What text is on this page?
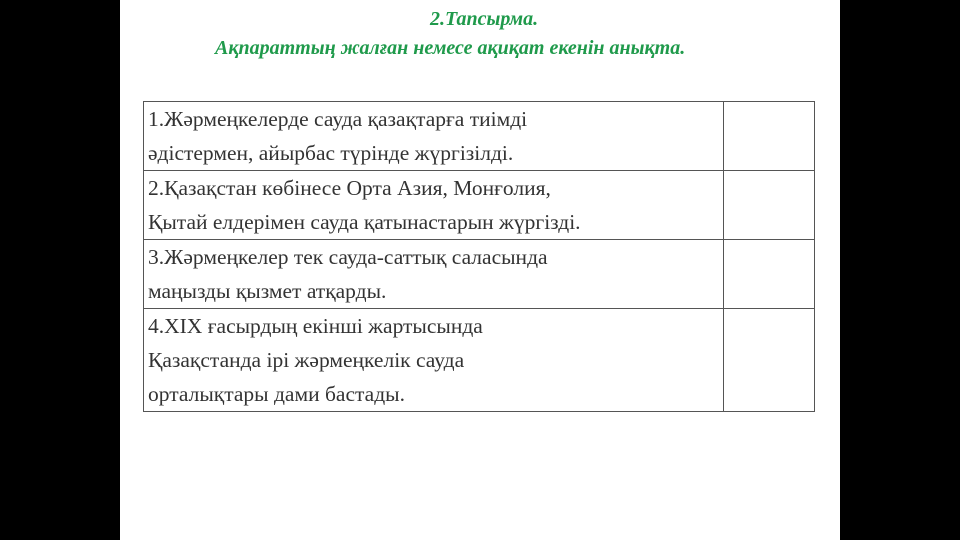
2.Тапсырма.

Ақпараттың жалған немесе ақиқат екенін анықта.

1.Жәрмеңкелерде сауда қазақтарға тиімді
әдістермен, айырбас түрінде жүргізілді.	

2.Қазақстан көбінесе Орта Азия, Монғолия,
Қытай елдерімен сауда қатынастарын жүргізді.	

3.Жәрмеңкелер тек сауда-саттық саласында
маңызды қызмет атқарды.	

4.XIX ғасырдың екінші жартысында
Қазақстанда ірі жәрмеңкелік сауда
орталықтары дами бастады.	
